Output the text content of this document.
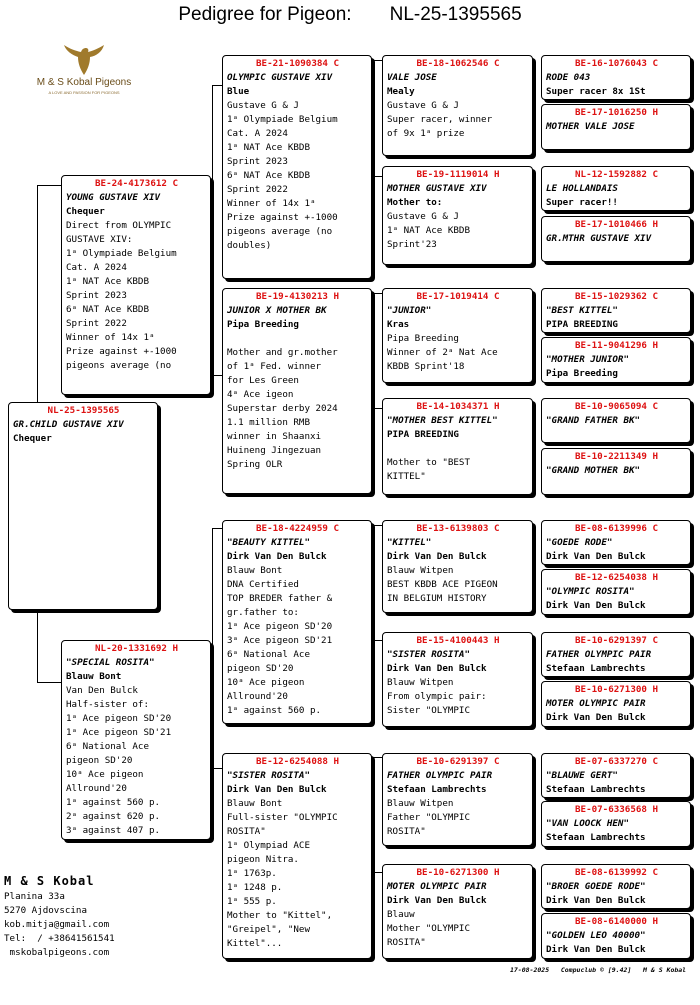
Pedigree for Pigeon: NL-25-1395565
M & S Kobal Pigeons
A LOVE AND PASSION FOR PIGEONS
NL-25-1395565
GR.CHILD GUSTAVE XIV
Chequer
BE-24-4173612 C
YOUNG GUSTAVE XIV
Chequer
Direct from OLYMPIC
GUSTAVE XIV:
1ᵃ Olympiade Belgium
Cat. A 2024
1ᵃ NAT Ace KBDB
Sprint 2023
6ᵃ NAT Ace KBDB
Sprint 2022
Winner of 14x 1ᵃ
Prize against +-1000
pigeons average (no
NL-20-1331692 H
"SPECIAL ROSITA"
Blauw Bont
Van Den Bulck
Half-sister of:
1ᵃ Ace pigeon SD'20
1ᵃ Ace pigeon SD'21
6ᵃ National Ace
pigeon SD'20
10ᵃ Ace pigeon
Allround'20
1ᵃ against 560 p.
2ᵃ against 620 p.
3ᵃ against 407 p.
BE-21-1090384 C
OLYMPIC GUSTAVE XIV
Blue
Gustave G & J
1ᵃ Olympiade Belgium
Cat. A 2024
1ᵃ NAT Ace KBDB
Sprint 2023
6ᵃ NAT Ace KBDB
Sprint 2022
Winner of 14x 1ᵃ
Prize against +-1000
pigeons average (no
doubles)
BE-19-4130213 H
JUNIOR X MOTHER BK
Pipa Breeding

Mother and gr.mother
of 1ᵃ Fed. winner
for Les Green
4ᵃ Ace igeon
Superstar derby 2024
1.1 million RMB
winner in Shaanxi
Huineng Jingezuan
Spring OLR
BE-18-4224959 C
"BEAUTY KITTEL"
Dirk Van Den Bulck
Blauw Bont
DNA Certified
TOP BREDER father &
gr.father to:
1ᵃ Ace pigeon SD'20
3ᵃ Ace pigeon SD'21
6ᵃ National Ace
pigeon SD'20
10ᵃ Ace pigeon
Allround'20
1ᵃ against 560 p.
BE-12-6254088 H
"SISTER ROSITA"
Dirk Van Den Bulck
Blauw Bont
Full-sister "OLYMPIC
ROSITA"
1ᵃ Olympiad ACE
pigeon Nitra.
1ᵃ 1763p.
1ᵃ 1248 p.
1ᵃ 555 p.
Mother to "Kittel",
"Greipel", "New
Kittel"...
BE-18-1062546 C
VALE JOSE
Mealy
Gustave G & J
Super racer, winner
of 9x 1ᵃ prize
BE-19-1119014 H
MOTHER GUSTAVE XIV
Mother to:
Gustave G & J
1ᵃ NAT Ace KBDB
Sprint'23
BE-17-1019414 C
"JUNIOR"
Kras
Pipa Breeding
Winner of 2ᵃ Nat Ace
KBDB Sprint'18
BE-14-1034371 H
"MOTHER BEST KITTEL"
PIPA BREEDING

Mother to "BEST
KITTEL"
BE-13-6139803 C
"KITTEL"
Dirk Van Den Bulck
Blauw Witpen
BEST KBDB ACE PIGEON
IN BELGIUM HISTORY
BE-15-4100443 H
"SISTER ROSITA"
Dirk Van Den Bulck
Blauw Witpen
From olympic pair:
Sister "OLYMPIC
BE-10-6291397 C
FATHER OLYMPIC PAIR
Stefaan Lambrechts
Blauw Witpen
Father "OLYMPIC
ROSITA"
BE-10-6271300 H
MOTER OLYMPIC PAIR
Dirk Van Den Bulck
Blauw
Mother "OLYMPIC
ROSITA"
BE-16-1076043 C
RODE 043
Super racer 8x 1St
BE-17-1016250 H
MOTHER VALE JOSE
NL-12-1592882 C
LE HOLLANDAIS
Super racer!!
BE-17-1010466 H
GR.MTHR GUSTAVE XIV
BE-15-1029362 C
"BEST KITTEL"
PIPA BREEDING
BE-11-9041296 H
"MOTHER JUNIOR"
Pipa Breeding
BE-10-9065094 C
"GRAND FATHER BK"
BE-10-2211349 H
"GRAND MOTHER BK"
BE-08-6139996 C
"GOEDE RODE"
Dirk Van Den Bulck
BE-12-6254038 H
"OLYMPIC ROSITA"
Dirk Van Den Bulck
BE-10-6291397 C
FATHER OLYMPIC PAIR
Stefaan Lambrechts
BE-10-6271300 H
MOTER OLYMPIC PAIR
Dirk Van Den Bulck
BE-07-6337270 C
"BLAUWE GERT"
Stefaan Lambrechts
BE-07-6336568 H
"VAN LOOCK HEN"
Stefaan Lambrechts
BE-08-6139992 C
"BROER GOEDE RODE"
Dirk Van Den Bulck
BE-08-6140000 H
"GOLDEN LEO 40000"
Dirk Van Den Bulck
M & S Kobal
Planina 33a
5270 Ajdovscina
kob.mitja@gmail.com
Tel:  / +38641561541
mskobalpigeons.com
17-08-2025   Compuclub © [9.42]   M & S Kobal
